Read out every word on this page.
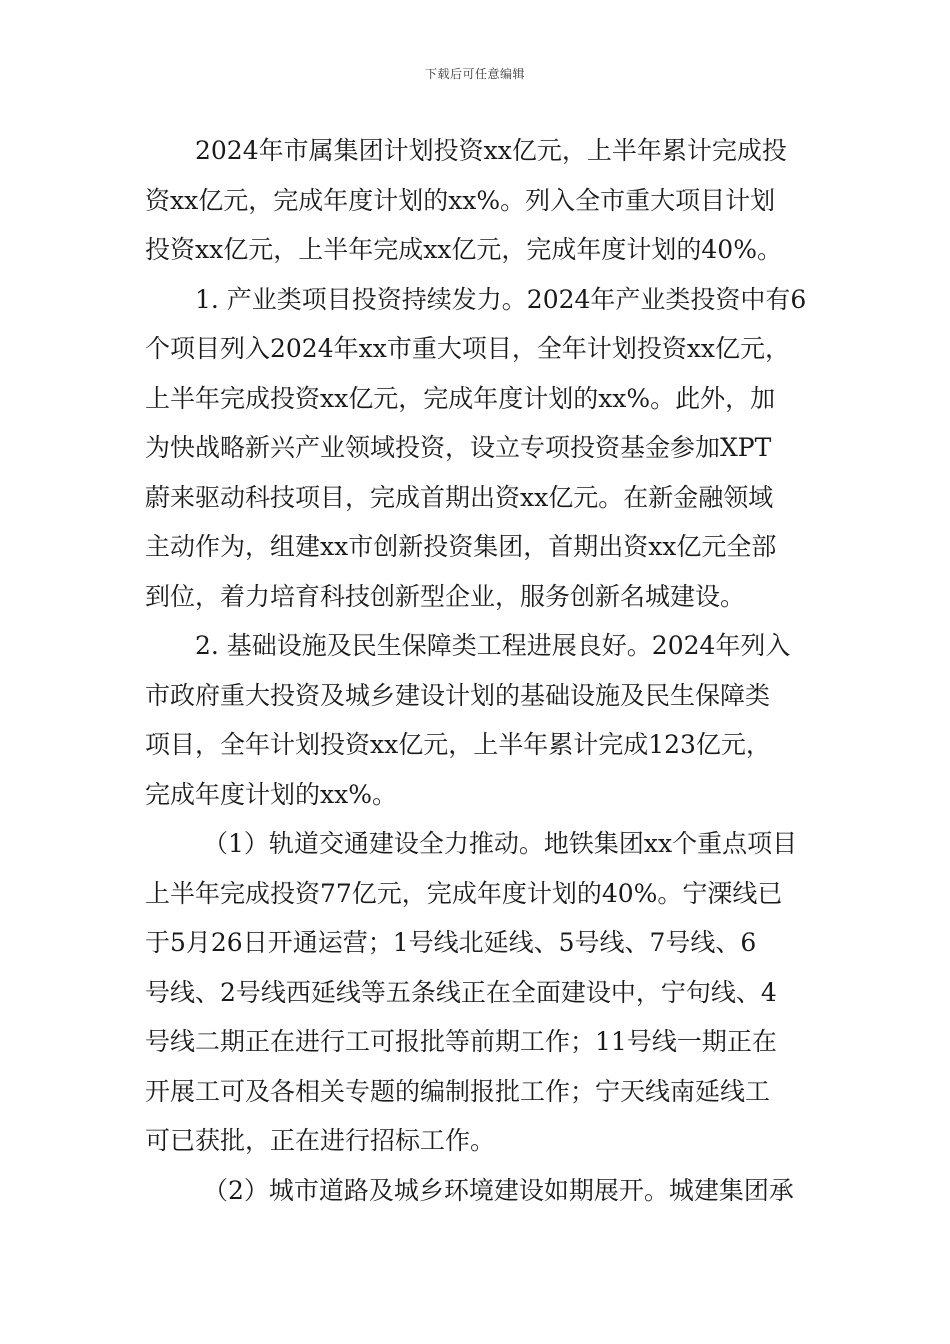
下载后可任意编辑
2024年市属集团计划投资xx亿元，上半年累计完成投
资xx亿元，完成年度计划的xx%。列入全市重大项目计划
投资xx亿元，上半年完成xx亿元，完成年度计划的40%。
1. 产业类项目投资持续发力。2024年产业类投资中有6
个项目列入2024年xx市重大项目，全年计划投资xx亿元，
上半年完成投资xx亿元，完成年度计划的xx%。此外，加
为快战略新兴产业领域投资，设立专项投资基金参加XPT
蔚来驱动科技项目，完成首期出资xx亿元。在新金融领域
主动作为，组建xx市创新投资集团，首期出资xx亿元全部
到位，着力培育科技创新型企业，服务创新名城建设。
2. 基础设施及民生保障类工程进展良好。2024年列入
市政府重大投资及城乡建设计划的基础设施及民生保障类
项目，全年计划投资xx亿元，上半年累计完成123亿元，
完成年度计划的xx%。
（1）轨道交通建设全力推动。地铁集团xx个重点项目
上半年完成投资77亿元，完成年度计划的40%。宁溧线已
于5月26日开通运营；1号线北延线、5号线、7号线、6
号线、2号线西延线等五条线正在全面建设中，宁句线、4
号线二期正在进行工可报批等前期工作；11号线一期正在
开展工可及各相关专题的编制报批工作；宁天线南延线工
可已获批，正在进行招标工作。
（2）城市道路及城乡环境建设如期展开。城建集团承
